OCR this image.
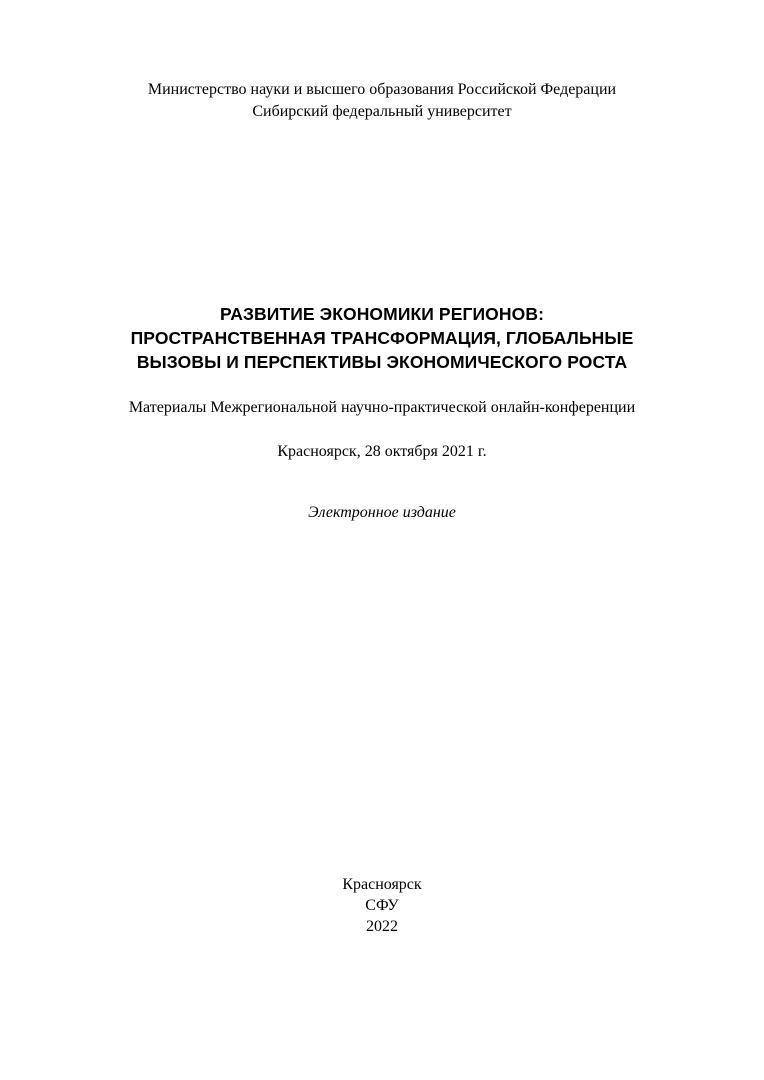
Министерство науки и высшего образования Российской Федерации
Сибирский федеральный университет
РАЗВИТИЕ ЭКОНОМИКИ РЕГИОНОВ:
ПРОСТРАНСТВЕННАЯ ТРАНСФОРМАЦИЯ, ГЛОБАЛЬНЫЕ
ВЫЗОВЫ И ПЕРСПЕКТИВЫ ЭКОНОМИЧЕСКОГО РОСТА
Материалы Межрегиональной научно-практической онлайн-конференции
Красноярск, 28 октября 2021 г.
Электронное издание
Красноярск
СФУ
2022
